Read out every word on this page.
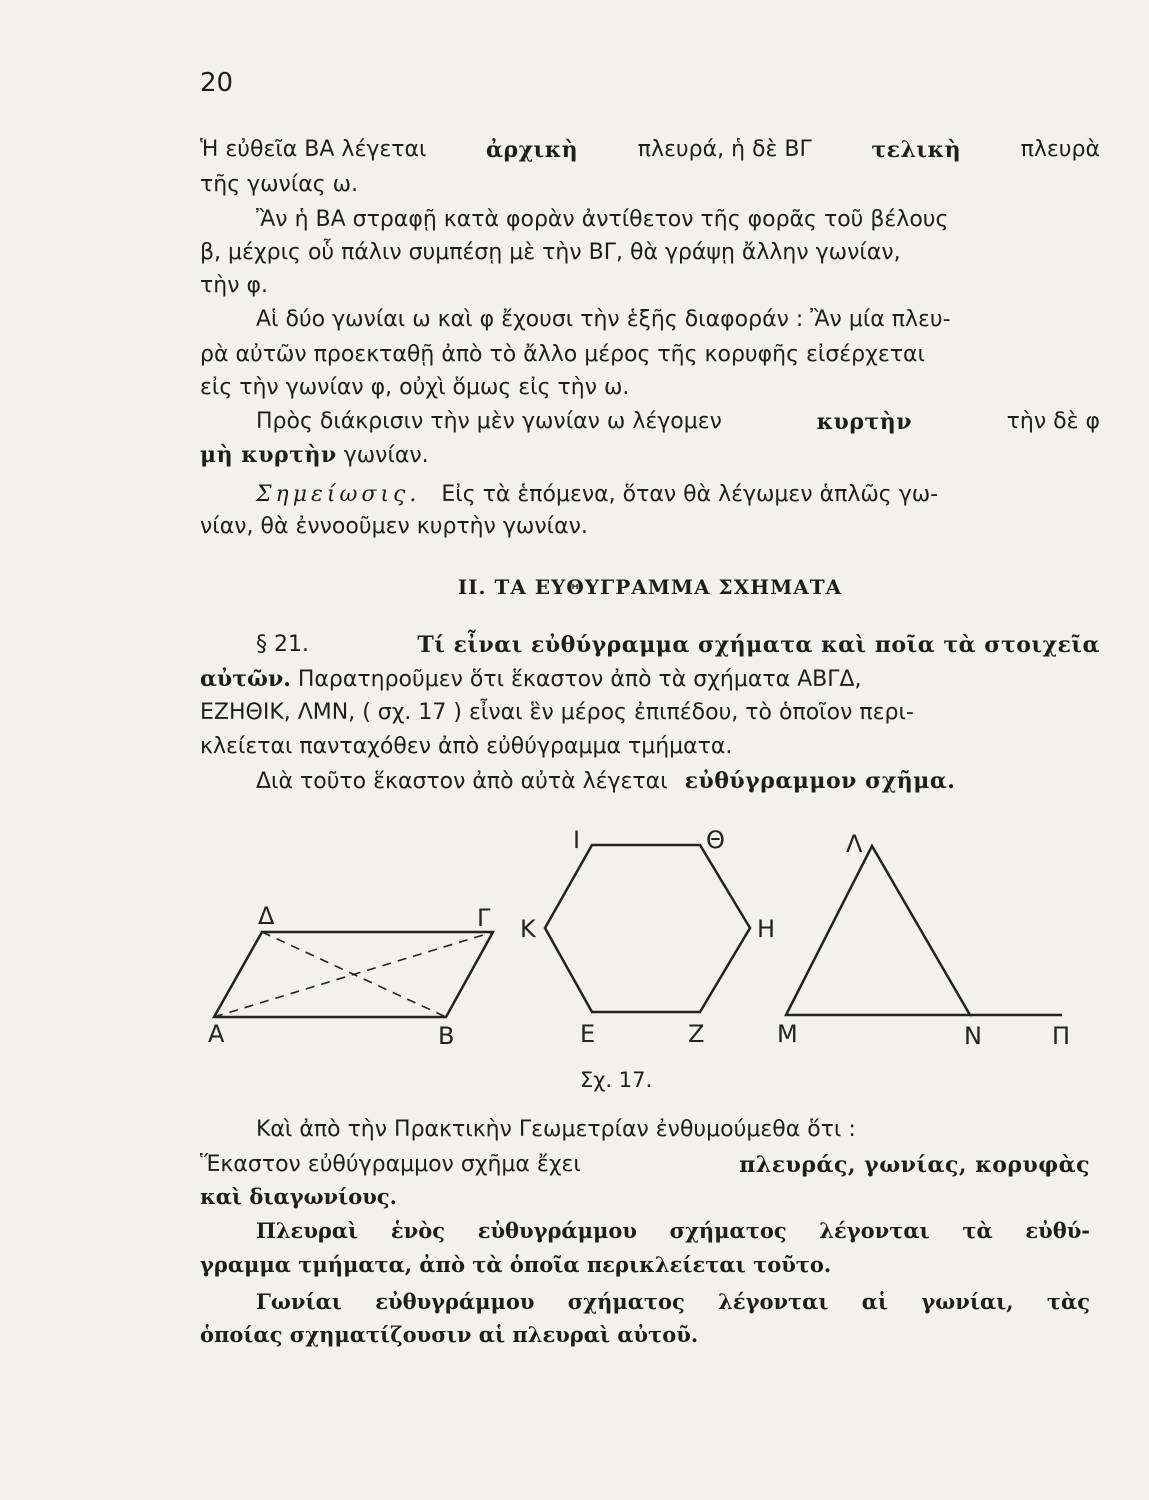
20
Ἡ εὐθεῖα ΒΑ λέγεται	ἀρχικὴ	πλευρά, ἡ δὲ ΒΓ	τελικὴ	πλευρὰ
τῆς γωνίας ω.
Ἂν ἡ ΒΑ στραφῇ κατὰ φορὰν ἀντίθετον τῆς φορᾶς τοῦ βέλους
β, μέχρις οὗ πάλιν συμπέσῃ μὲ τὴν ΒΓ, θὰ γράψῃ ἄλλην γωνίαν,
τὴν φ.
Αἱ δύο γωνίαι ω καὶ φ ἔχουσι τὴν ἑξῆς διαφοράν : Ἂν μία πλευ-
ρὰ αὐτῶν προεκταθῇ ἀπὸ τὸ ἄλλο μέρος τῆς κορυφῆς εἰσέρχεται
εἰς τὴν γωνίαν φ, οὐχὶ ὅμως εἰς τὴν ω.
Πρὸς διάκρισιν τὴν μὲν γωνίαν ω λέγομεν	κυρτὴν	τὴν δὲ φ
μὴ κυρτὴν γωνίαν.
Σημείωσις. Εἰς τὰ ἑπόμενα, ὅταν θὰ λέγωμεν ἁπλῶς γω-
νίαν, θὰ ἐννοοῦμεν κυρτὴν γωνίαν.
II. ΤΑ ΕΥΘΥΓΡΑΜΜΑ ΣΧΗΜΑΤΑ
§ 21.	Τί εἶναι εὐθύγραμμα σχήματα καὶ ποῖα τὰ στοιχεῖα
αὐτῶν. Παρατηροῦμεν ὅτι ἕκαστον ἀπὸ τὰ σχήματα ΑΒΓΔ,
ΕΖΗΘΙΚ, ΛΜΝ, ( σχ. 17 ) εἶναι ἓν μέρος ἐπιπέδου, τὸ ὁποῖον περι-
κλείεται πανταχόθεν ἀπὸ εὐθύγραμμα τμήματα.
Διὰ τοῦτο ἕκαστον ἀπὸ αὐτὰ λέγεται εὐθύγραμμον σχῆμα.
Δ	Γ
Α	Β
Ι	Θ
Κ	Η
Ε	Ζ
Λ
Μ	Ν	Π
Σχ. 17.
Καὶ ἀπὸ τὴν Πρακτικὴν Γεωμετρίαν ἐνθυμούμεθα ὅτι :
Ἕκαστον εὐθύγραμμον σχῆμα ἔχει	πλευράς, γωνίας, κορυφὰς
καὶ διαγωνίους.
Πλευραὶ ἑνὸς εὐθυγράμμου σχήματος λέγονται τὰ εὐθύ-
γραμμα τμήματα, ἀπὸ τὰ ὁποῖα περικλείεται τοῦτο.
Γωνίαι εὐθυγράμμου σχήματος λέγονται αἱ γωνίαι, τὰς
ὁποίας σχηματίζουσιν αἱ πλευραὶ αὐτοῦ.
